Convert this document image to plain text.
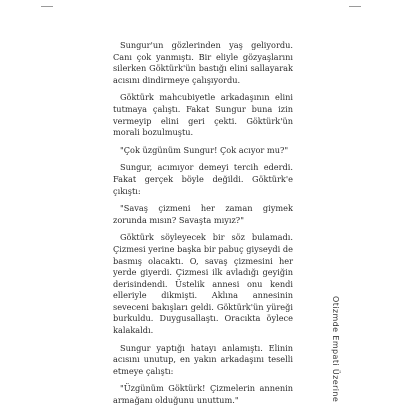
Sungur'un gözlerinden yaş geliyordu. Canı çok yanmıştı. Bir eliyle gözyaşlarını silerken Göktürk'ün bastığı elini sallayarak acısını dindirmeye çalışıyordu.

Göktürk mahcubiyetle arkadaşının elini tutmaya çalıştı. Fakat Sungur buna izin vermeyip elini geri çekti. Göktürk'ün morali bozulmuştu.

"Çok üzgünüm Sungur! Çok acıyor mu?"

Sungur, acımıyor demeyi tercih ederdi. Fakat gerçek böyle değildi. Göktürk'e çıkıştı:

"Savaş çizmeni her zaman giymek zorunda mısın? Savaşta mıyız?"

Göktürk söyleyecek bir söz bulamadı. Çizmesi yerine başka bir pabuç giyseydi de basmış olacaktı. O, savaş çizmesini her yerde giyerdi. Çizmesi ilk avladığı geyiğin derisindendi. Üstelik annesi onu kendi elleriyle dikmişti. Aklına annesinin seveceni bakışları geldi. Göktürk'ün yüreği burkuldu. Duygusallaştı. Oracıkta öylece kalakaldı.

Sungur yaptığı hatayı anlamıştı. Elinin acısını unutup, en yakın arkadaşını teselli etmeye çalıştı:

"Üzgünüm Göktürk! Çizmelerin annenin armağanı olduğunu unuttum."	Otizmde Empati Üzerine
